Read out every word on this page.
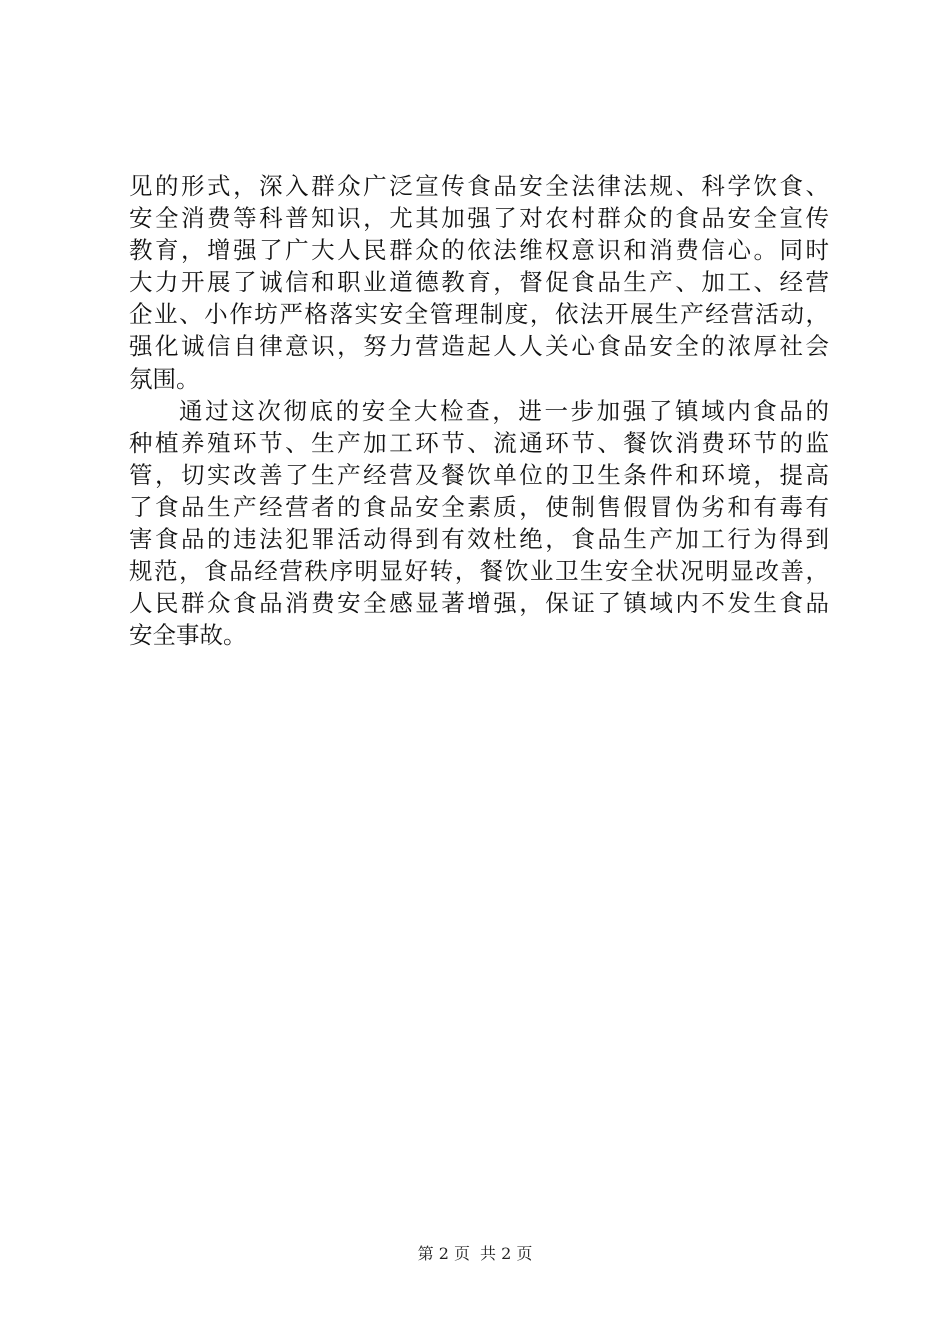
见的形式，深入群众广泛宣传食品安全法律法规、科学饮食、
安全消费等科普知识，尤其加强了对农村群众的食品安全宣传
教育，增强了广大人民群众的依法维权意识和消费信心。同时
大力开展了诚信和职业道德教育，督促食品生产、加工、经营
企业、小作坊严格落实安全管理制度，依法开展生产经营活动，
强化诚信自律意识，努力营造起人人关心食品安全的浓厚社会
氛围。
通过这次彻底的安全大检查，进一步加强了镇域内食品的
种植养殖环节、生产加工环节、流通环节、餐饮消费环节的监
管，切实改善了生产经营及餐饮单位的卫生条件和环境，提高
了食品生产经营者的食品安全素质，使制售假冒伪劣和有毒有
害食品的违法犯罪活动得到有效杜绝，食品生产加工行为得到
规范，食品经营秩序明显好转，餐饮业卫生安全状况明显改善，
人民群众食品消费安全感显著增强，保证了镇域内不发生食品
安全事故。
第 2 页 共 2 页
